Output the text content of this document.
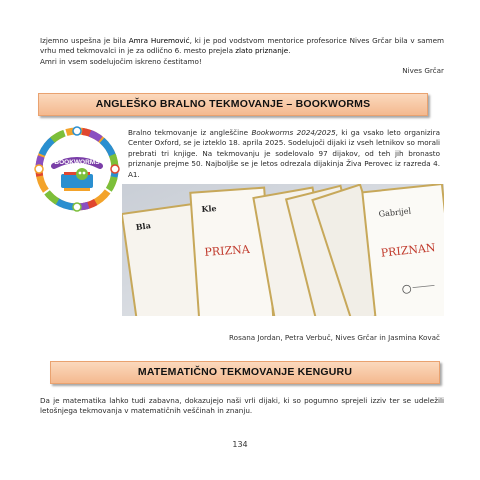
Izjemno uspešna je bila Amra Huremović, ki je pod vodstvom mentorice profesorice Nives Grčar bila v samem vrhu med tekmovalci in je za odlično 6. mesto prejela zlato priznanje.
Amri in vsem sodelujočim iskreno čestitamo!
Nives Grčar
ANGLEŠKO BRALNO TEKMOVANJE – BOOKWORMS
BOOKWORMS
Bralno tekmovanje iz angleščine Bookworms 2024/2025, ki ga vsako leto organizira Center Oxford, se je izteklo 18. aprila 2025. Sodelujoči dijaki iz vseh letnikov so morali prebrati tri knjige. Na tekmovanju je sodelovalo 97 dijakov, od teh jih bronasto priznanje prejme 50. Najboljše se je letos odrezala dijakinja Živa Perovec iz razreda 4. A1.
Bla
Kle
PRIZNA
Gabrijel
PRIZNAN
Rosana Jordan, Petra Verbuč, Nives Grčar in Jasmina Kovač
MATEMATIČNO TEKMOVANJE KENGURU
Da je matematika lahko tudi zabavna, dokazujejo naši vrli dijaki, ki so pogumno sprejeli izziv ter se udeležili letošnjega tekmovanja v matematičnih veščinah in znanju.
134
